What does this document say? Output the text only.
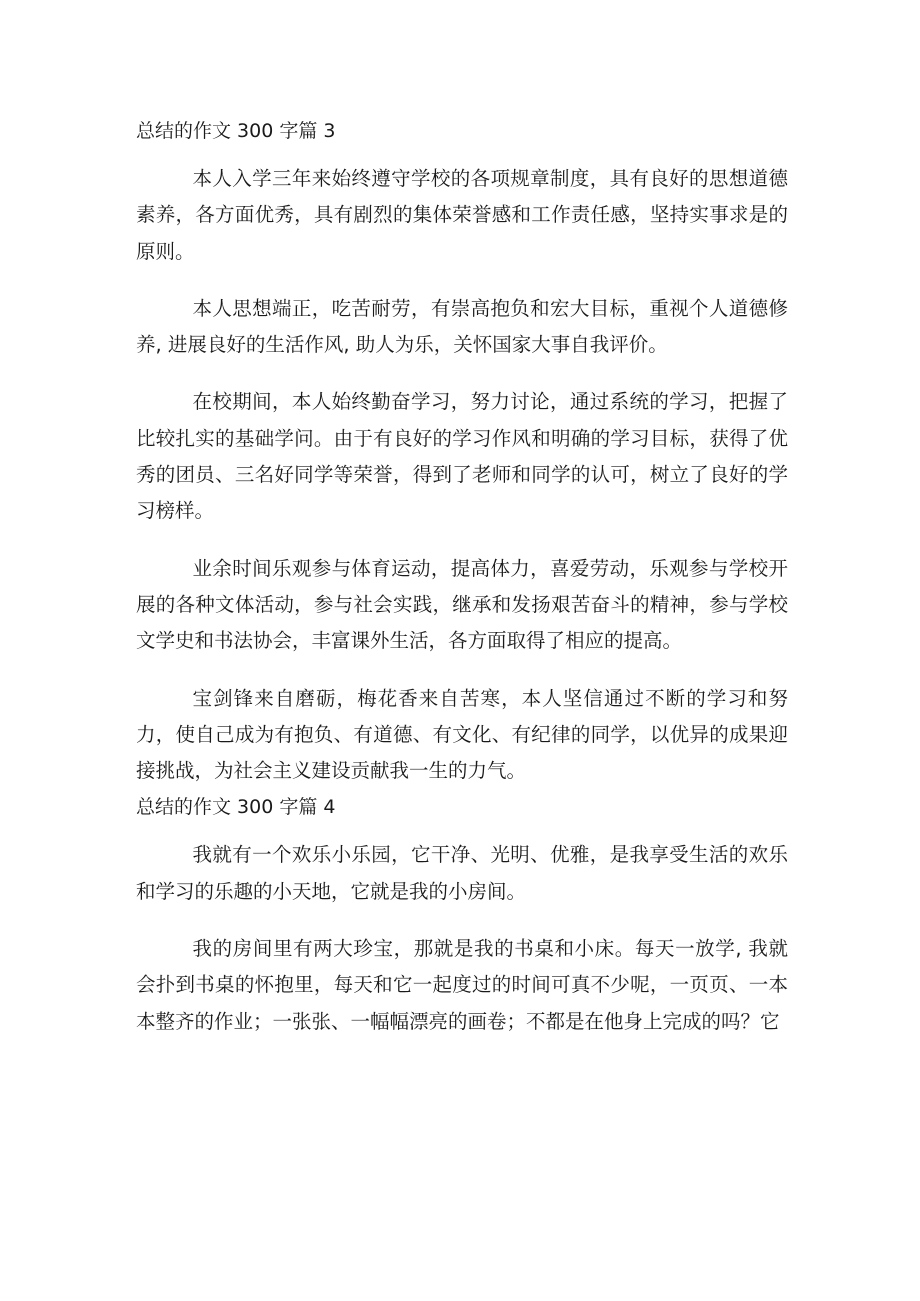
总结的作文 300 字篇 3

本人入学三年来始终遵守学校的各项规章制度，具有良好的思想道德素养，各方面优秀，具有剧烈的集体荣誉感和工作责任感，坚持实事求是的原则。

本人思想端正，吃苦耐劳，有崇高抱负和宏大目标，重视个人道德修养, 进展良好的生活作风, 助人为乐，关怀国家大事自我评价。

在校期间，本人始终勤奋学习，努力讨论，通过系统的学习，把握了比较扎实的基础学问。由于有良好的学习作风和明确的学习目标，获得了优秀的团员、三名好同学等荣誉，得到了老师和同学的认可，树立了良好的学习榜样。

业余时间乐观参与体育运动，提高体力，喜爱劳动，乐观参与学校开展的各种文体活动，参与社会实践，继承和发扬艰苦奋斗的精神，参与学校文学史和书法协会，丰富课外生活，各方面取得了相应的提高。

宝剑锋来自磨砺，梅花香来自苦寒，本人坚信通过不断的学习和努力，使自己成为有抱负、有道德、有文化、有纪律的同学，以优异的成果迎接挑战，为社会主义建设贡献我一生的力气。

总结的作文 300 字篇 4

我就有一个欢乐小乐园，它干净、光明、优雅，是我享受生活的欢乐和学习的乐趣的小天地，它就是我的小房间。

我的房间里有两大珍宝，那就是我的书桌和小床。每天一放学, 我就会扑到书桌的怀抱里，每天和它一起度过的时间可真不少呢，一页页、一本本整齐的作业；一张张、一幅幅漂亮的画卷；不都是在他身上完成的吗？它
